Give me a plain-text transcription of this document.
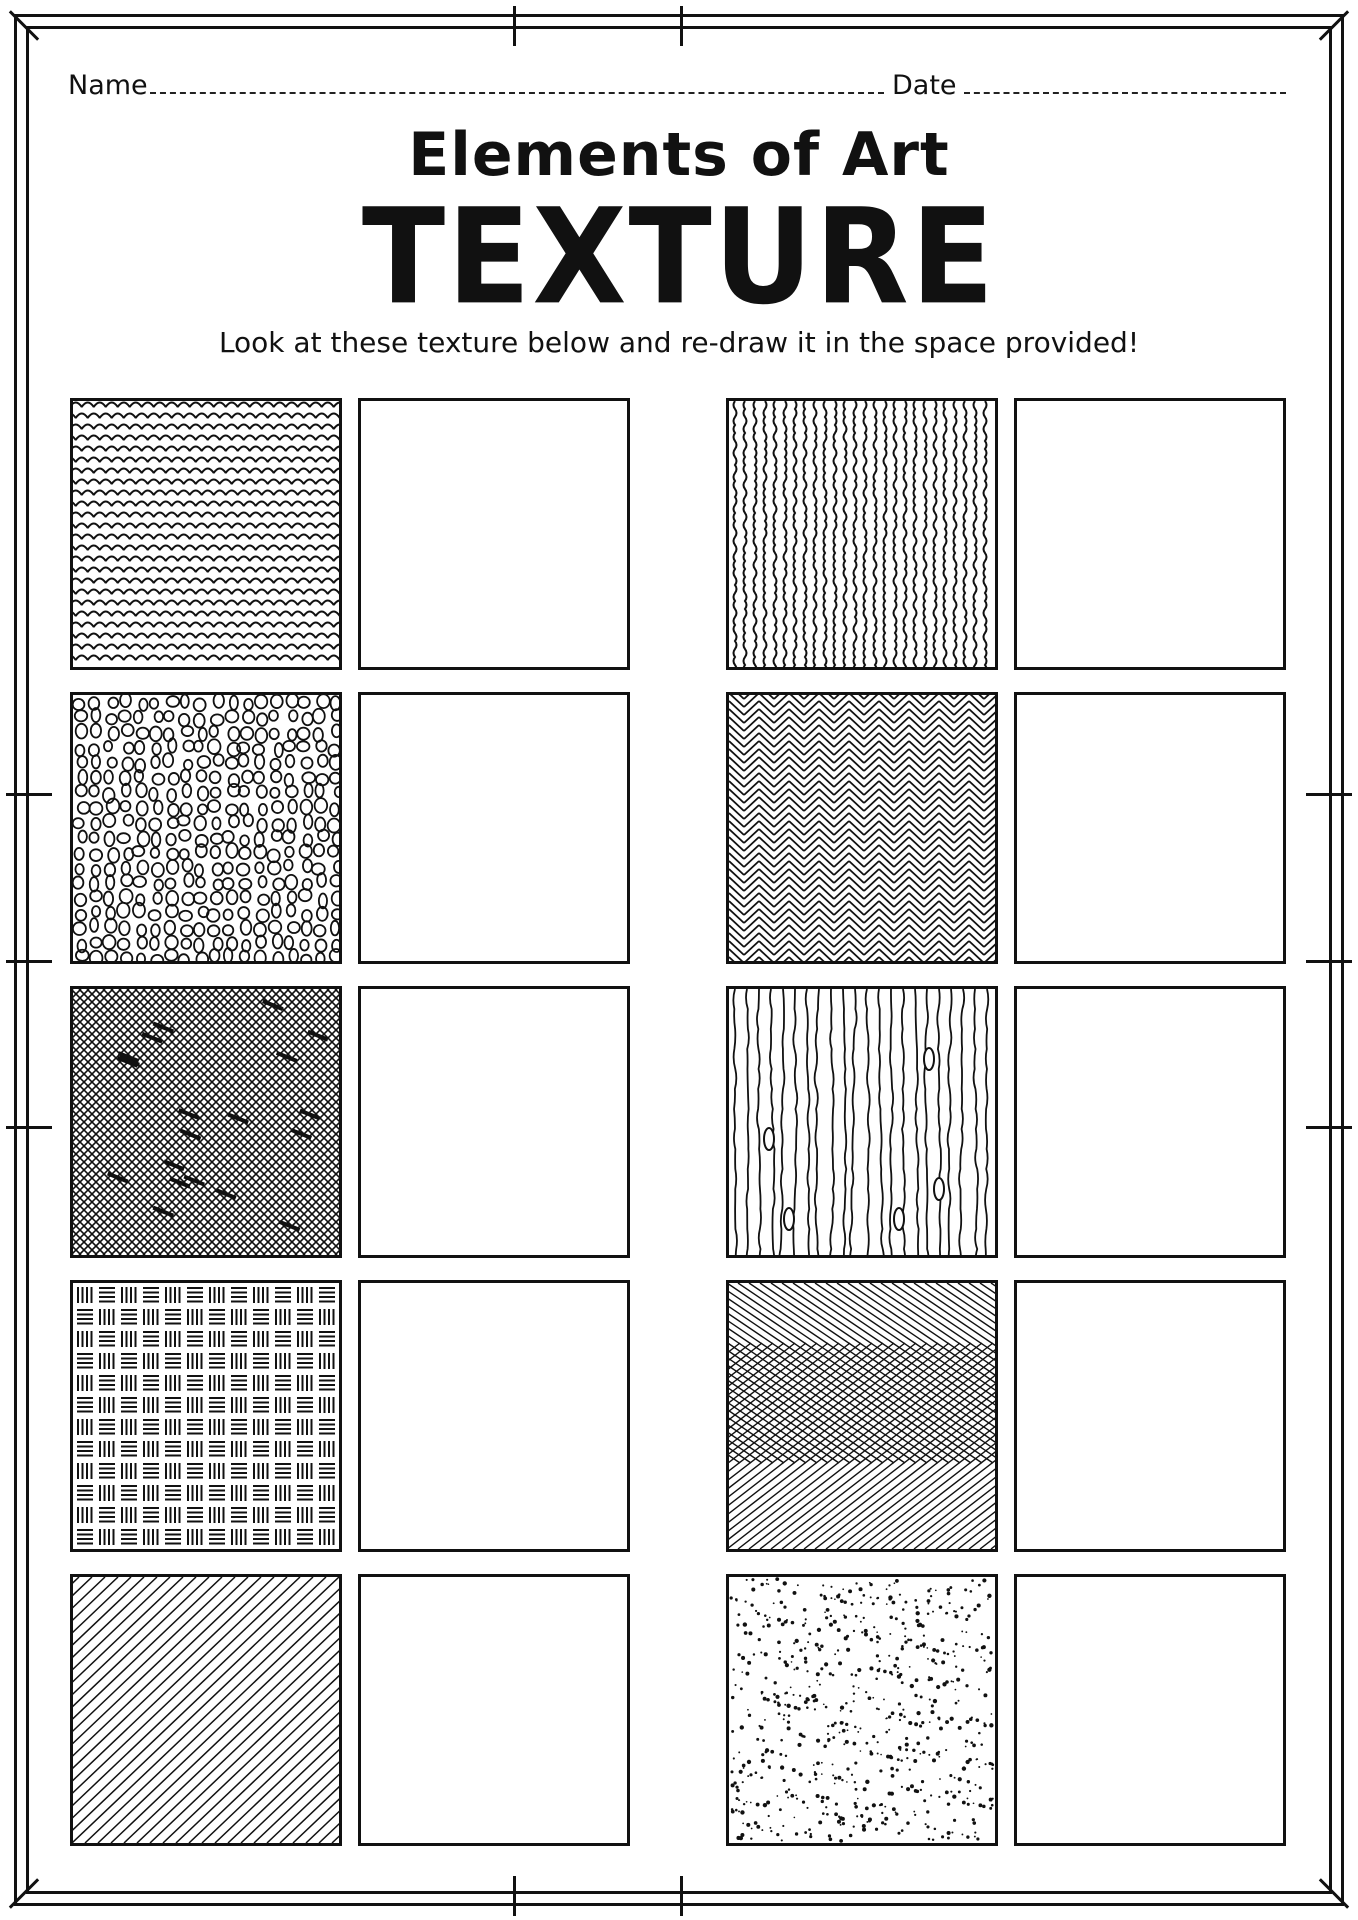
Name	Date
Elements of Art
TEXTURE
Look at these texture below and re-draw it in the space provided!
